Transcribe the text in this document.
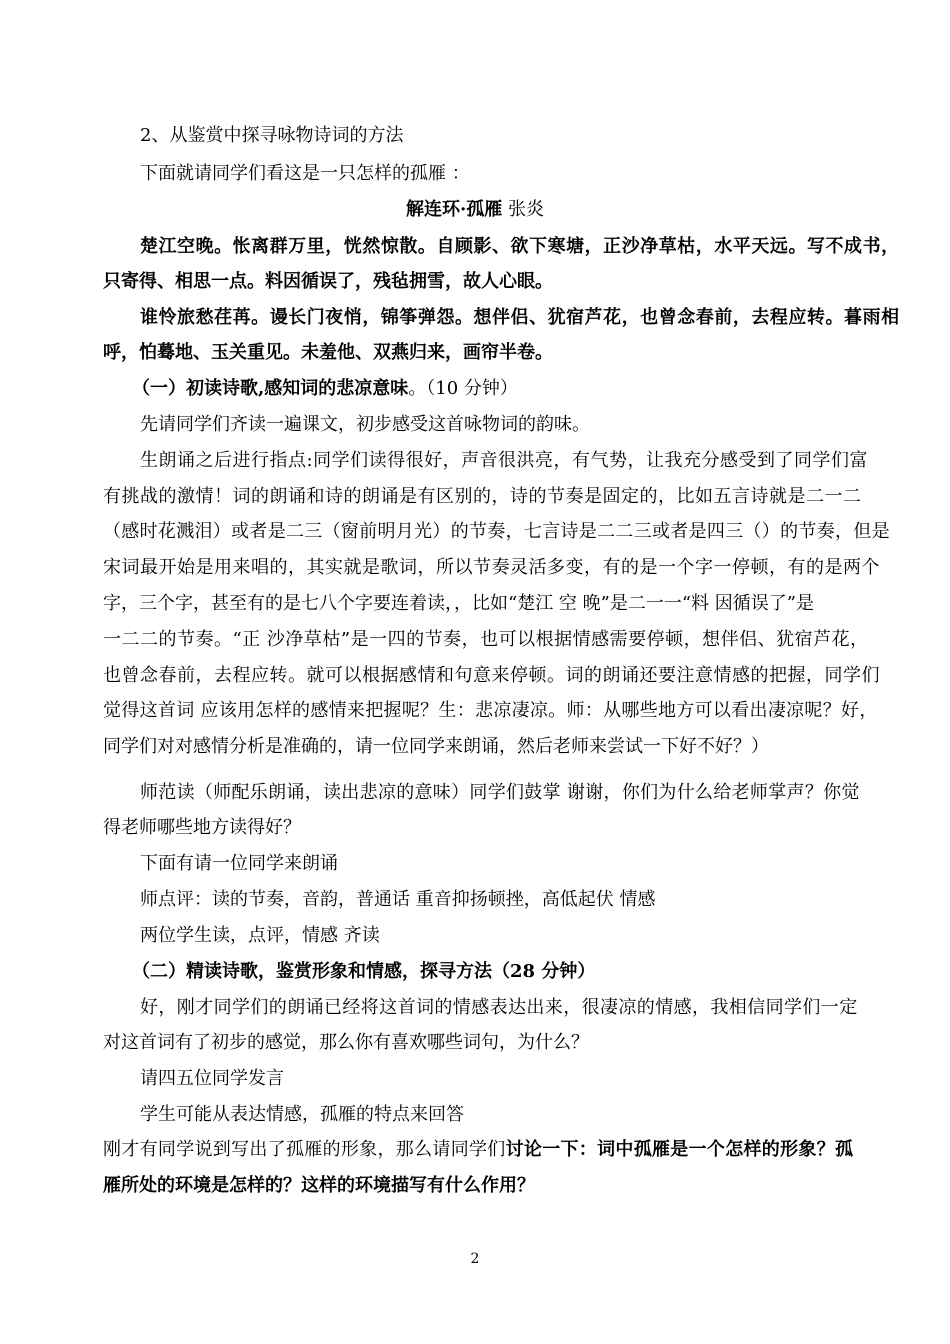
2、从鉴赏中探寻咏物诗词的方法
下面就请同学们看这是一只怎样的孤雁 ：
解连环·孤雁 张炎
楚江空晚。怅离群万里，恍然惊散。自顾影、欲下寒塘，正沙净草枯，水平天远。写不成书，
只寄得、相思一点。料因循误了，残毡拥雪，故人心眼。
谁怜旅愁荏苒。谩长门夜悄，锦筝弹怨。想伴侣、犹宿芦花，也曾念春前，去程应转。暮雨相
呼，怕蓦地、玉关重见。未羞他、双燕归来，画帘半卷。
（一）初读诗歌,感知词的悲凉意味。（10 分钟）
先请同学们齐读一遍课文，初步感受这首咏物词的韵味。
生朗诵之后进行指点:同学们读得很好，声音很洪亮，有气势，让我充分感受到了同学们富
有挑战的激情！词的朗诵和诗的朗诵是有区别的，诗的节奏是固定的，比如五言诗就是二一二
（感时花溅泪）或者是二三（窗前明月光）的节奏，七言诗是二二三或者是四三（）的节奏，但是
宋词最开始是用来唱的，其实就是歌词，所以节奏灵活多变，有的是一个字一停顿，有的是两个
字，三个字，甚至有的是七八个字要连着读，，比如“楚江 空 晚”是二一一“料 因循误了”是
一二二的节奏。“正 沙净草枯”是一四的节奏，也可以根据情感需要停顿，想伴侣、犹宿芦花，
也曾念春前，去程应转。就可以根据感情和句意来停顿。词的朗诵还要注意情感的把握，同学们
觉得这首词 应该用怎样的感情来把握呢？生：悲凉凄凉。师：从哪些地方可以看出凄凉呢？好，
同学们对对感情分析是准确的，请一位同学来朗诵，然后老师来尝试一下好不好？）
师范读（师配乐朗诵，读出悲凉的意味）同学们鼓掌 谢谢，你们为什么给老师掌声？你觉
得老师哪些地方读得好？
下面有请一位同学来朗诵
师点评：读的节奏，音韵，普通话 重音抑扬顿挫，高低起伏 情感
两位学生读，点评，情感 齐读
（二）精读诗歌，鉴赏形象和情感，探寻方法（28 分钟）
好，刚才同学们的朗诵已经将这首词的情感表达出来，很凄凉的情感，我相信同学们一定
对这首词有了初步的感觉，那么你有喜欢哪些词句，为什么？
请四五位同学发言
学生可能从表达情感，孤雁的特点来回答
刚才有同学说到写出了孤雁的形象，那么请同学们讨论一下：词中孤雁是一个怎样的形象？孤
雁所处的环境是怎样的？这样的环境描写有什么作用？
2
